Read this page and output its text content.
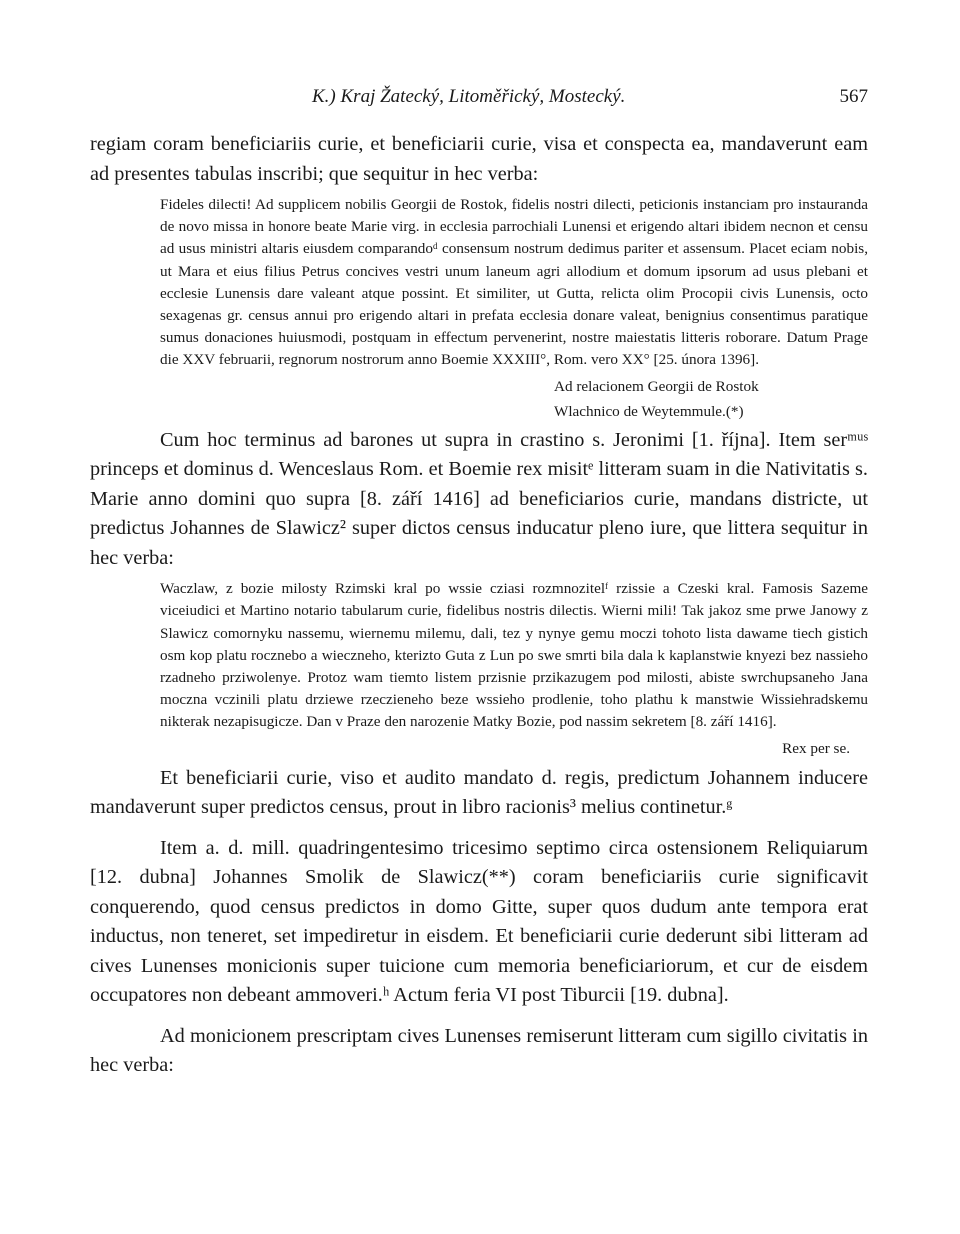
K.) Kraj Žatecký, Litoměřický, Mostecký.	567

regiam coram beneficiariis curie, et beneficiarii curie, visa et conspecta ea, mandaverunt eam ad presentes tabulas inscribi; que sequitur in hec verba:

Fideles dilecti! Ad supplicem nobilis Georgii de Rostok, fidelis nostri dilecti, peticionis instanciam pro instauranda de novo missa in honore beate Marie virg. in ecclesia parrochiali Lunensi et erigendo altari ibidem necnon et censu ad usus ministri altaris eiusdem comparandoᵈ consensum nostrum dedimus pariter et assensum. Placet eciam nobis, ut Mara et eius filius Petrus concives vestri unum laneum agri allodium et domum ipsorum ad usus plebani et ecclesie Lunensis dare valeant atque possint. Et similiter, ut Gutta, relicta olim Procopii civis Lunensis, octo sexagenas gr. census annui pro erigendo altari in prefata ecclesia donare valeat, benignius consentimus paratique sumus donaciones huiusmodi, postquam in effectum pervenerint, nostre maiestatis litteris roborare. Datum Prage die XXV februarii, regnorum nostrorum anno Boemie XXXIII°, Rom. vero XX° [25. února 1396].

Ad relacionem Georgii de Rostok
Wlachnico de Weytemmule.(*)

Cum hoc terminus ad barones ut supra in crastino s. Jeronimi [1. října]. Item serᵐᵘˢ princeps et dominus d. Wenceslaus Rom. et Boemie rex misitᵉ litteram suam in die Nativitatis s. Marie anno domini quo supra [8. září 1416] ad beneficiarios curie, mandans districte, ut predictus Johannes de Slawicz² super dictos census inducatur pleno iure, que littera sequitur in hec verba:

Waczlaw, z bozie milosty Rzimski kral po wssie cziasi rozmnozitelᶠ rzissie a Czeski kral. Famosis Sazeme viceiudici et Martino notario tabularum curie, fidelibus nostris dilectis. Wierni mili! Tak jakoz sme prwe Janowy z Slawicz comornyku nassemu, wiernemu milemu, dali, tez y nynye gemu moczi tohoto lista dawame tiech gistich osm kop platu rocznebo a wieczneho, kterizto Guta z Lun po swe smrti bila dala k kaplanstwie knyezi bez nassieho rzadneho prziwolenye. Protoz wam tiemto listem przisnie przikazugem pod milosti, abiste swrchupsaneho Jana moczna vczinili platu drziewe rzeczieneho beze wssieho prodlenie, toho plathu k manstwie Wissiehradskemu nikterak nezapisugicze. Dan v Praze den narozenie Matky Bozie, pod nassim sekretem [8. září 1416].

Rex per se.

Et beneficiarii curie, viso et audito mandato d. regis, predictum Johannem inducere mandaverunt super predictos census, prout in libro racionis³ melius continetur.ᵍ

Item a. d. mill. quadringentesimo tricesimo septimo circa ostensionem Reliquiarum [12. dubna] Johannes Smolik de Slawicz(**) coram beneficiariis curie significavit conquerendo, quod census predictos in domo Gitte, super quos dudum ante tempora erat inductus, non teneret, set impediretur in eisdem. Et beneficiarii curie dederunt sibi litteram ad cives Lunenses monicionis super tuicione cum memoria beneficiariorum, et cur de eisdem occupatores non debeant ammoveri.ʰ Actum feria VI post Tiburcii [19. dubna].

Ad monicionem prescriptam cives Lunenses remiserunt litteram cum sigillo civitatis in hec verba:
